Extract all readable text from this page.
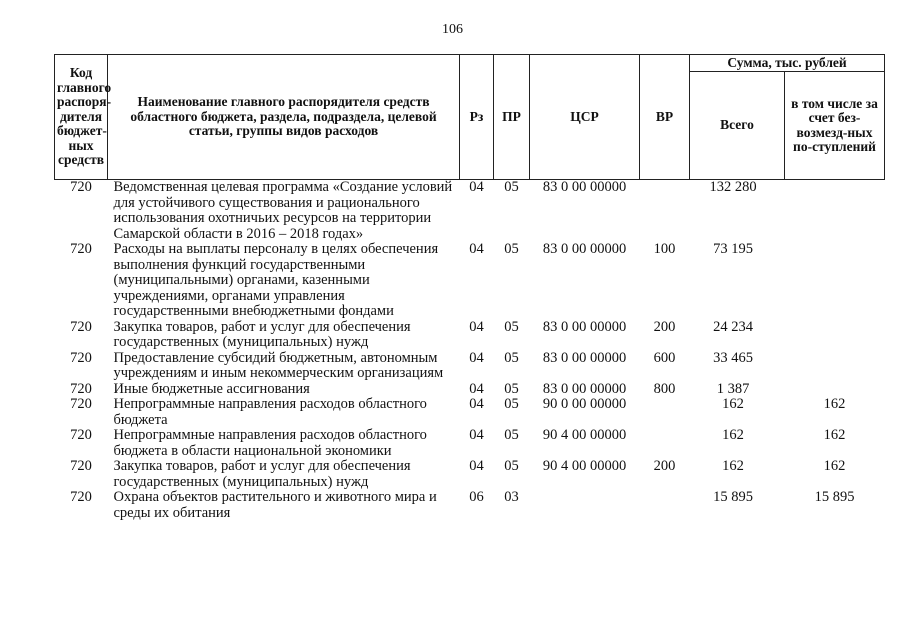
106
Код главного распоря-дителя бюджет-ных средств	Наименование главного распорядителя средств областного бюджета, раздела, подраздела, целевой статьи, группы видов расходов	Рз	ПР	ЦСР	ВР	Сумма, тыс. рублей	
						Всего	в том числе за счет без-возмезд-ных по-ступлений
720	Ведомственная целевая программа «Создание условий для устойчивого существования и рационального использования охотничьих ресурсов на территории Самарской области в 2016 – 2018 годах»	04	05	83 0 00 00000		132 280	
720	Расходы на выплаты персоналу в целях обеспечения выполнения функций государственными (муниципальными) органами, казенными учреждениями, органами управления государственными внебюджетными фондами	04	05	83 0 00 00000	100	73 195	
720	Закупка товаров, работ и услуг для обеспечения государственных (муниципальных) нужд	04	05	83 0 00 00000	200	24 234	
720	Предоставление субсидий бюджетным, автономным учреждениям и иным некоммерческим организациям	04	05	83 0 00 00000	600	33 465	
720	Иные бюджетные ассигнования	04	05	83 0 00 00000	800	1 387	
720	Непрограммные направления расходов областного бюджета	04	05	90 0 00 00000		162	162
720	Непрограммные направления расходов областного бюджета в области национальной экономики	04	05	90 4 00 00000		162	162
720	Закупка товаров, работ и услуг для обеспечения государственных (муниципальных) нужд	04	05	90 4 00 00000	200	162	162
720	Охрана объектов растительного и животного мира и среды их обитания	06	03			15 895	15 895
